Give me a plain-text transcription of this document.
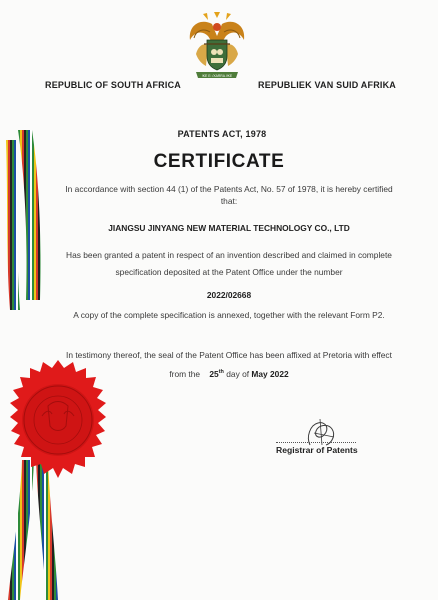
!KE E: /XARRA //KE
REPUBLIC OF SOUTH AFRICA	REPUBLIEK VAN SUID AFRIKA
PATENTS ACT, 1978
CERTIFICATE
In accordance with section 44 (1) of the Patents Act, No. 57 of 1978, it is hereby certified
that:
JIANGSU JINYANG NEW MATERIAL TECHNOLOGY CO., LTD
Has been granted a patent in respect of an invention described and claimed in complete
specification deposited at the Patent Office under the number
2022/02668
A copy of the complete specification is annexed, together with the relevant Form P2.
In testimony thereof, the seal of the Patent Office has been affixed at Pretoria with effect
from the 25th day of May 2022
Registrar of Patents
